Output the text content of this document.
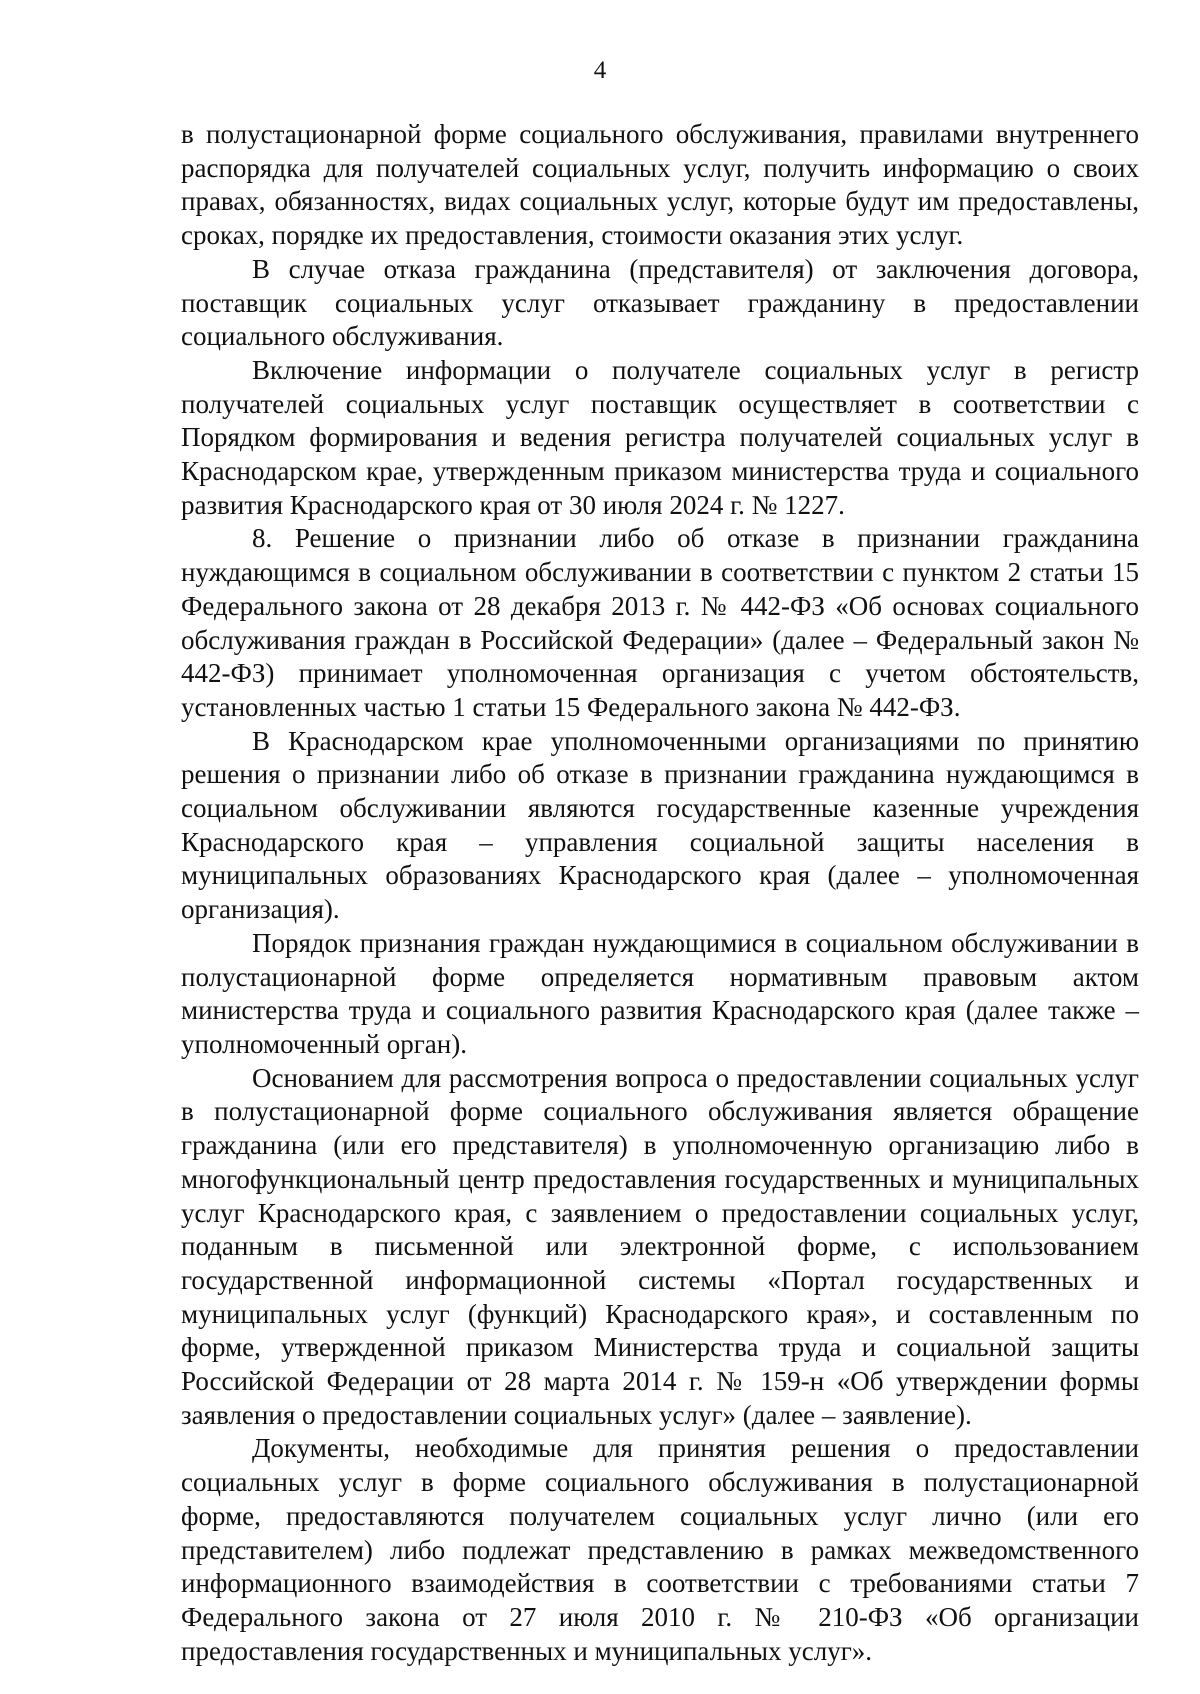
4

в полустационарной форме социального обслуживания, правилами внутреннего распорядка для получателей социальных услуг, получить информацию о своих правах, обязанностях, видах социальных услуг, которые будут им предоставлены, сроках, порядке их предоставления, стоимости оказания этих услуг.

В случае отказа гражданина (представителя) от заключения договора, поставщик социальных услуг отказывает гражданину в предоставлении социального обслуживания.

Включение информации о получателе социальных услуг в регистр получателей социальных услуг поставщик осуществляет в соответствии с Порядком формирования и ведения регистра получателей социальных услуг в Краснодарском крае, утвержденным приказом министерства труда и социального развития Краснодарского края от 30 июля 2024 г. № 1227.

8. Решение о признании либо об отказе в признании гражданина нуждающимся в социальном обслуживании в соответствии с пунктом 2 статьи 15 Федерального закона от 28 декабря 2013 г. № 442-ФЗ «Об основах социального обслуживания граждан в Российской Федерации» (далее – Федеральный закон № 442-ФЗ) принимает уполномоченная организация с учетом обстоятельств, установленных частью 1 статьи 15 Федерального закона № 442-ФЗ.

В Краснодарском крае уполномоченными организациями по принятию решения о признании либо об отказе в признании гражданина нуждающимся в социальном обслуживании являются государственные казенные учреждения Краснодарского края – управления социальной защиты населения в муниципальных образованиях Краснодарского края (далее – уполномоченная организация).

Порядок признания граждан нуждающимися в социальном обслуживании в полустационарной форме определяется нормативным правовым актом министерства труда и социального развития Краснодарского края (далее также – уполномоченный орган).

Основанием для рассмотрения вопроса о предоставлении социальных услуг в полустационарной форме социального обслуживания является обращение гражданина (или его представителя) в уполномоченную организацию либо в многофункциональный центр предоставления государственных и муниципальных услуг Краснодарского края, с заявлением о предоставлении социальных услуг, поданным в письменной или электронной форме, с использованием государственной информационной системы «Портал государственных и муниципальных услуг (функций) Краснодарского края», и составленным по форме, утвержденной приказом Министерства труда и социальной защиты Российской Федерации от 28 марта 2014 г. № 159-н «Об утверждении формы заявления о предоставлении социальных услуг» (далее – заявление).

Документы, необходимые для принятия решения о предоставлении социальных услуг в форме социального обслуживания в полустационарной форме, предоставляются получателем социальных услуг лично (или его представителем) либо подлежат представлению в рамках межведомственного информационного взаимодействия в соответствии с требованиями статьи 7 Федерального закона от 27 июля 2010 г. № 210-ФЗ «Об организации предоставления государственных и муниципальных услуг».
